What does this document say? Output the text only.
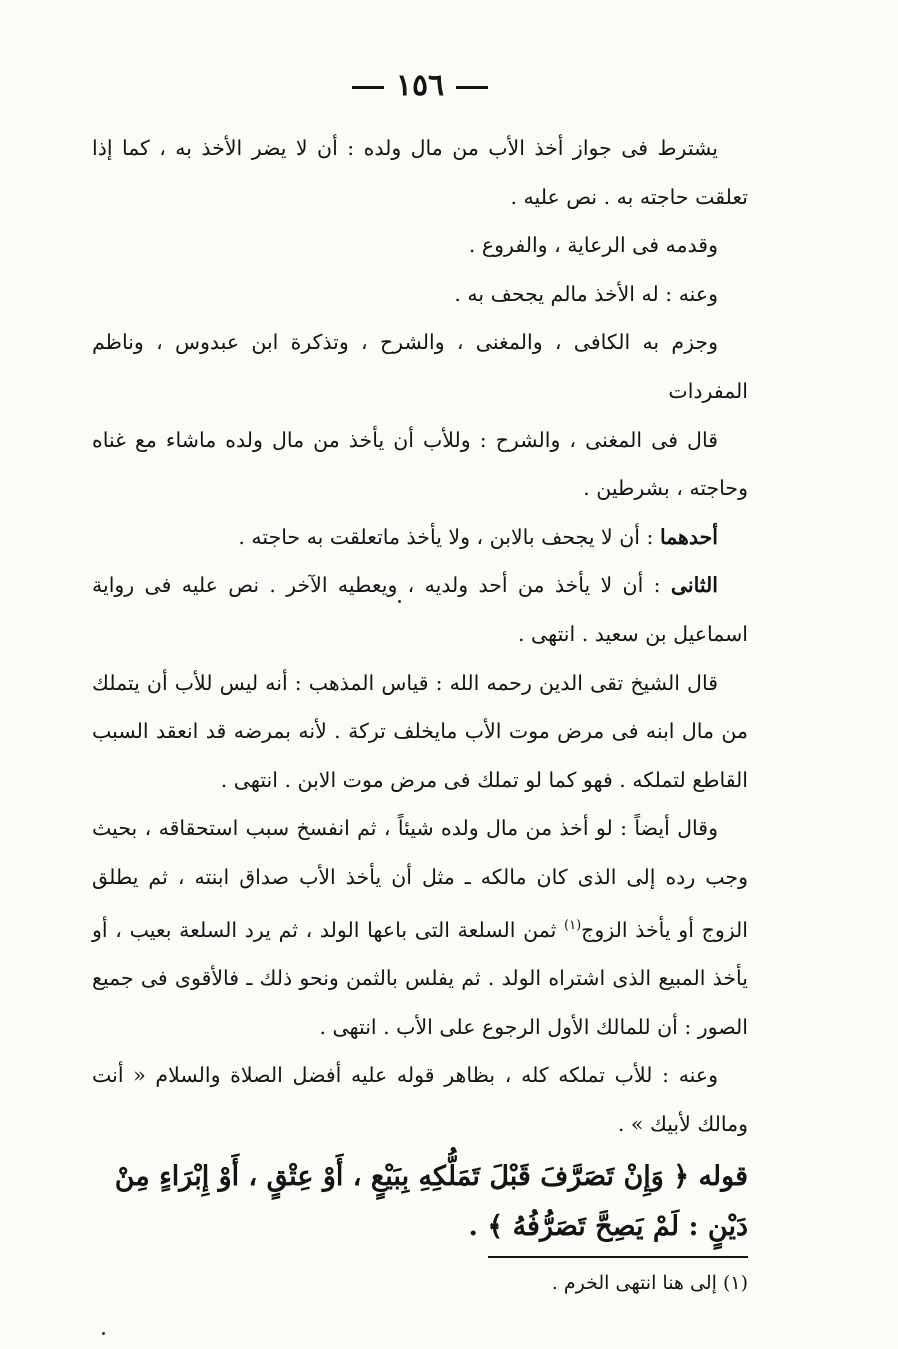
١٥٦

يشترط فى جواز أخذ الأب من مال ولده : أن لا يضر الأخذ به ، كما إذا تعلقت حاجته به . نص عليه .

وقدمه فى الرعاية ، والفروع .

وعنه : له الأخذ مالم يجحف به .

وجزم به الكافى ، والمغنى ، والشرح ، وتذكرة ابن عبدوس ، وناظم المفردات

قال فى المغنى ، والشرح : وللأب أن يأخذ من مال ولده ماشاء مع غناه وحاجته ، بشرطين .

أحدهما : أن لا يجحف بالابن ، ولا يأخذ ماتعلقت به حاجته .

الثانى : أن لا يأخذ من أحد ولديه ، ويعطيه الآخر . نص عليه فى رواية اسماعيل بن سعيد . انتهى .

قال الشيخ تقى الدين رحمه الله : قياس المذهب : أنه ليس للأب أن يتملك من مال ابنه فى مرض موت الأب مايخلف تركة . لأنه بمرضه قد انعقد السبب القاطع لتملكه . فهو كما لو تملك فى مرض موت الابن . انتهى .

وقال أيضاً : لو أخذ من مال ولده شيئاً ، ثم انفسخ سبب استحقاقه ، بحيث وجب رده إلى الذى كان مالكه ـ مثل أن يأخذ الأب صداق ابنته ، ثم يطلق الزوج أو يأخذ الزوج$^{(١)}$ ثمن السلعة التى باعها الولد ، ثم يرد السلعة بعيب ، أو يأخذ المبيع الذى اشتراه الولد . ثم يفلس بالثمن ونحو ذلك ـ فالأقوى فى جميع الصور : أن للمالك الأول الرجوع على الأب . انتهى .

وعنه : للأب تملكه كله ، بظاهر قوله عليه أفضل الصلاة والسلام « أنت ومالك لأبيك » .

قوله ﴿ وَإِنْ تَصَرَّفَ قَبْلَ تَمَلُّكِهِ بِبَيْعٍ ، أَوْ عِتْقٍ ، أَوْ إِبْرَاءٍ مِنْ دَيْنٍ : لَمْ يَصِحَّ تَصَرُّفُهُ ﴾ .

(١) إلى هنا انتهى الخرم .
